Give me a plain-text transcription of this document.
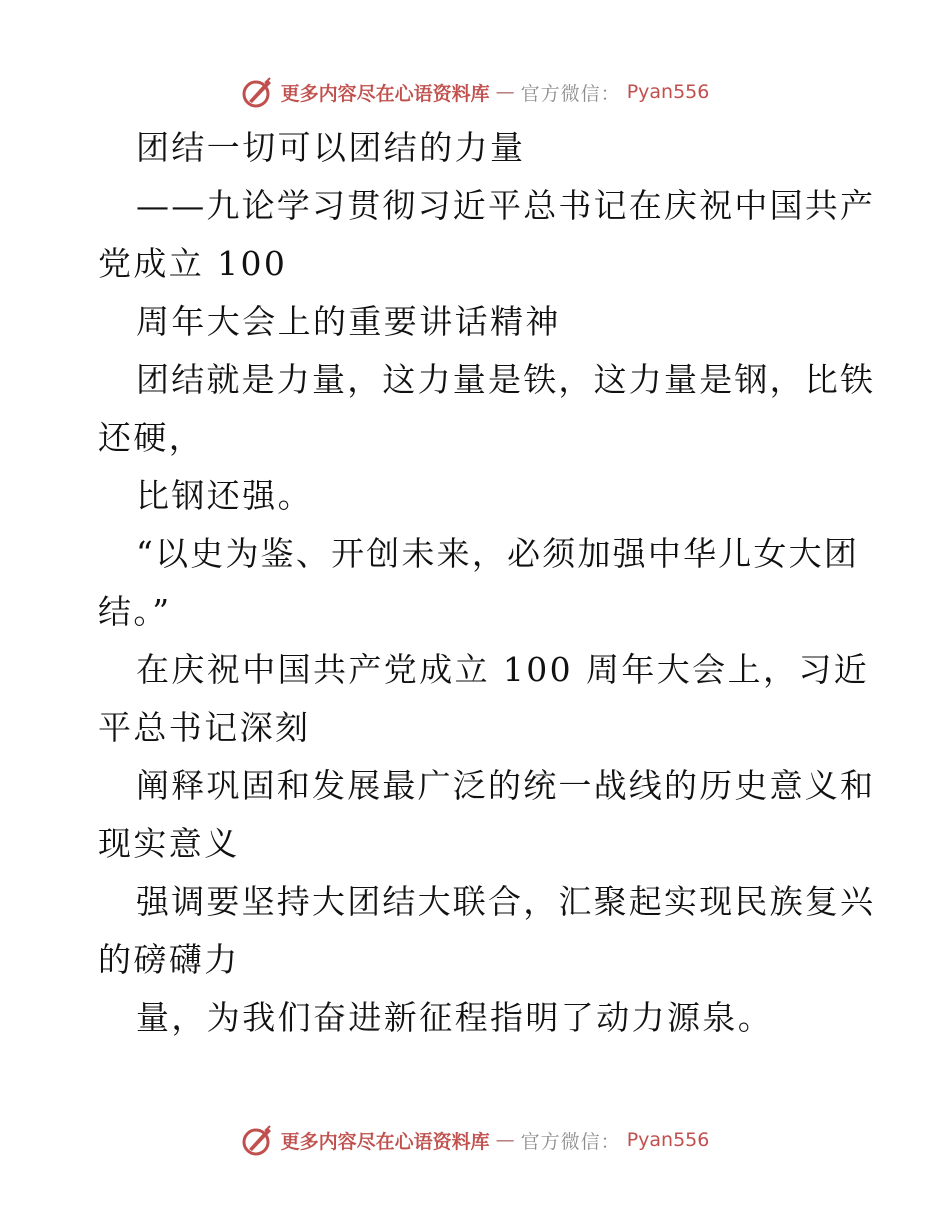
更多内容尽在心语资料库 — 官方微信： Pyan556
团结一切可以团结的力量
——九论学习贯彻习近平总书记在庆祝中国共产
党成立 100
周年大会上的重要讲话精神
团结就是力量，这力量是铁，这力量是钢，比铁
还硬，
比钢还强。
“以史为鉴、开创未来，必须加强中华儿女大团
结。”
在庆祝中国共产党成立 100 周年大会上，习近
平总书记深刻
阐释巩固和发展最广泛的统一战线的历史意义和
现实意义
强调要坚持大团结大联合，汇聚起实现民族复兴
的磅礴力
量，为我们奋进新征程指明了动力源泉。
更多内容尽在心语资料库 — 官方微信： Pyan556
